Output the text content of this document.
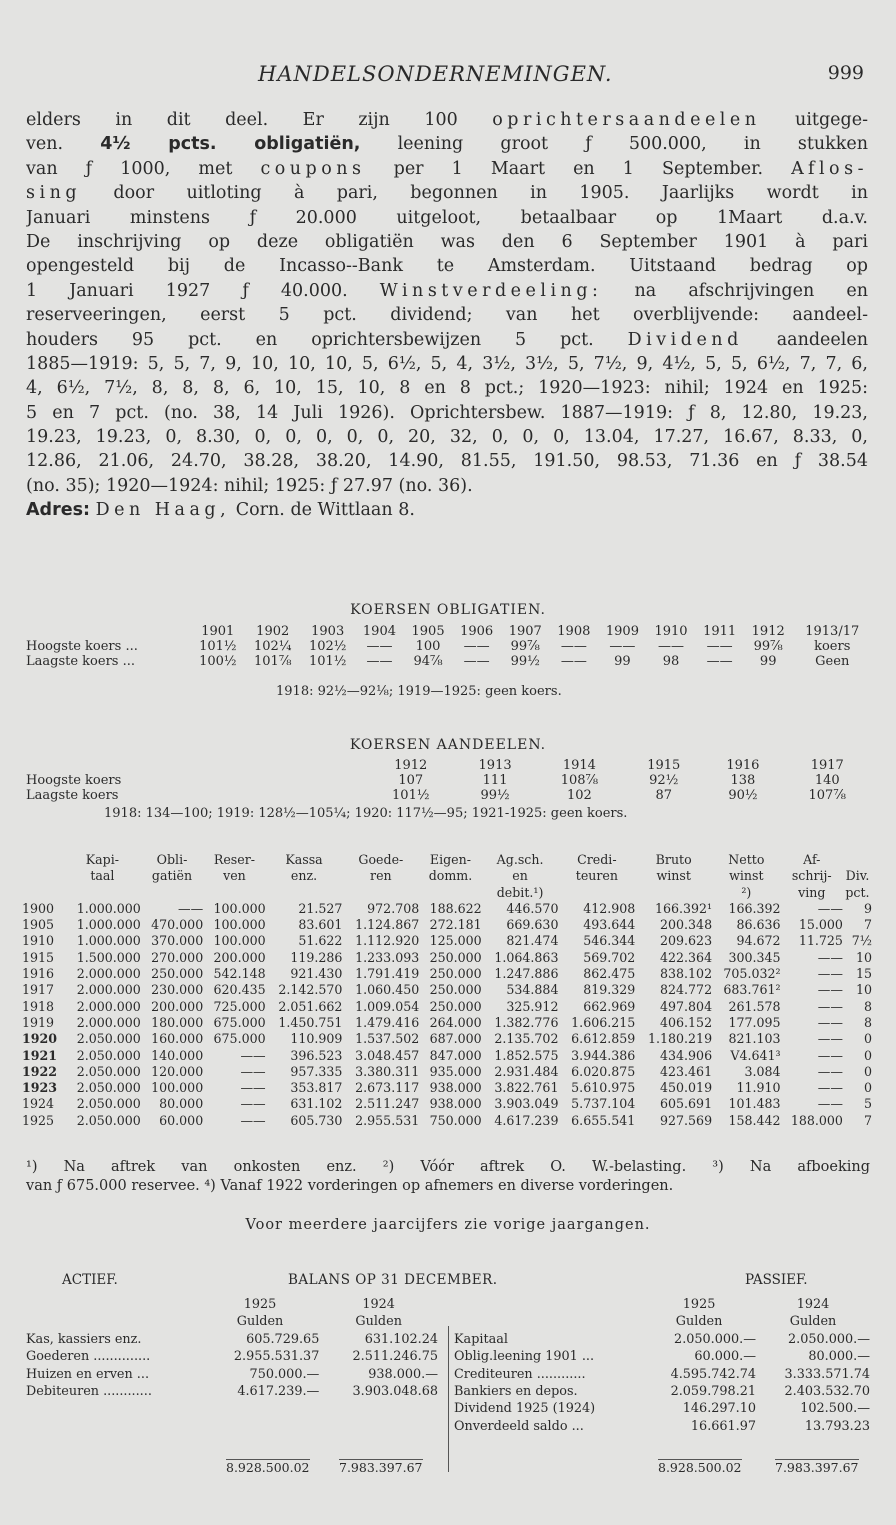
HANDELSONDERNEMINGEN.	999
elders in dit deel. Er zijn 100 oprichtersaandeelen uitgege-
ven. 4½ pcts. obligatiën, leening groot ƒ 500.000, in stukken
van ƒ 1000, met coupons per 1 Maart en 1 September. Aflos-
sing door uitloting à pari, begonnen in 1905. Jaarlijks wordt in
Januari minstens ƒ 20.000 uitgeloot, betaalbaar op 1Maart d.a.v.
De inschrijving op deze obligatiën was den 6 September 1901 à pari
opengesteld bij de Incasso--Bank te Amsterdam. Uitstaand bedrag op
1 Januari 1927 ƒ 40.000. Winstverdeeling: na afschrijvingen en
reserveeringen, eerst 5 pct. dividend; van het overblijvende: aandeel-
houders 95 pct. en oprichtersbewijzen 5 pct. Dividend aandeelen
1885—1919: 5, 5, 7, 9, 10, 10, 10, 5, 6½, 5, 4, 3½, 3½, 5, 7½, 9, 4½, 5, 5, 6½, 7, 7, 6,
4, 6½, 7½, 8, 8, 8, 6, 10, 15, 10, 8 en 8 pct.; 1920—1923: nihil; 1924 en 1925:
5 en 7 pct. (no. 38, 14 Juli 1926). Oprichtersbew. 1887—1919: ƒ 8, 12.80, 19.23,
19.23, 19.23, 0, 8.30, 0, 0, 0, 0, 0, 20, 32, 0, 0, 0, 13.04, 17.27, 16.67, 8.33, 0,
12.86, 21.06, 24.70, 38.28, 38.20, 14.90, 81.55, 191.50, 98.53, 71.36 en ƒ 38.54
(no. 35); 1920—1924: nihil; 1925: ƒ 27.97 (no. 36).
Adres: Den Haag, Corn. de Wittlaan 8.
KOERSEN OBLIGATIEN.
	1901	1902	1903	1904	1905	1906	1907	1908	1909	1910	1911	1912	1913/17
Hoogste koers ...	101½	102¼	102½	——	100	——	99⅞	——	——	——	——	99⅞	koers
Laagste koers ...	100½	101⅞	101½	——	94⅞	——	99½	——	99	98	——	99	Geen
1918: 92½—92⅛; 1919—1925: geen koers.
KOERSEN AANDEELEN.
	1912	1913	1914	1915	1916	1917
Hoogste koers	107	111	108⅞	92½	138	140
Laagste koers	101½	99½	102	87	90½	107⅞
1918: 134—100; 1919: 128½—105¼; 1920: 117½—95; 1921-1925: geen koers.
	Kapi-	Obli-	Reser-	Kassa	Goede-	Eigen-	Ag.sch.	Credi-	Bruto	Netto	Af-	
	taal	gatiën	ven	enz.	ren	domm.	en	teuren	winst	winst	schrij-	Div.
							debit.¹)			²)	ving	pct.
1900	1.000.000	——	100.000	21.527	972.708	188.622	446.570	412.908	166.392¹	166.392	——	9
1905	1.000.000	470.000	100.000	83.601	1.124.867	272.181	669.630	493.644	200.348	86.636	15.000	7
1910	1.000.000	370.000	100.000	51.622	1.112.920	125.000	821.474	546.344	209.623	94.672	11.725	7½
1915	1.500.000	270.000	200.000	119.286	1.233.093	250.000	1.064.863	569.702	422.364	300.345	——	10
1916	2.000.000	250.000	542.148	921.430	1.791.419	250.000	1.247.886	862.475	838.102	705.032²	——	15
1917	2.000.000	230.000	620.435	2.142.570	1.060.450	250.000	534.884	819.329	824.772	683.761²	——	10
1918	2.000.000	200.000	725.000	2.051.662	1.009.054	250.000	325.912	662.969	497.804	261.578	——	8
1919	2.000.000	180.000	675.000	1.450.751	1.479.416	264.000	1.382.776	1.606.215	406.152	177.095	——	8
1920	2.050.000	160.000	675.000	110.909	1.537.502	687.000	2.135.702	6.612.859	1.180.219	821.103	——	0
1921	2.050.000	140.000	——	396.523	3.048.457	847.000	1.852.575	3.944.386	434.906	V4.641³	——	0
1922	2.050.000	120.000	——	957.335	3.380.311	935.000	2.931.484	6.020.875	423.461	3.084	——	0
1923	2.050.000	100.000	——	353.817	2.673.117	938.000	3.822.761	5.610.975	450.019	11.910	——	0
1924	2.050.000	80.000	——	631.102	2.511.247	938.000	3.903.049	5.737.104	605.691	101.483	——	5
1925	2.050.000	60.000	——	605.730	2.955.531	750.000	4.617.239	6.655.541	927.569	158.442	188.000	7
¹) Na aftrek van onkosten enz. ²) Vóór aftrek O. W.-belasting. ³) Na afboeking
van ƒ 675.000 reservee. ⁴) Vanaf 1922 vorderingen op afnemers en diverse vorderingen.
Voor meerdere jaarcijfers zie vorige jaargangen.
ACTIEF.	BALANS OP 31 DECEMBER.	PASSIEF.
	1925	1924
	Gulden	Gulden
Kas, kassiers enz.	605.729.65	631.102.24
Goederen ..............	2.955.531.37	2.511.246.75
Huizen en erven ...	750.000.—	938.000.—
Debiteuren ............	4.617.239.—	3.903.048.68
	1925	1924
	Gulden	Gulden
Kapitaal	2.050.000.—	2.050.000.—
Oblig.leening 1901 ...	60.000.—	80.000.—
Crediteuren ............	4.595.742.74	3.333.571.74
Bankiers en depos.	2.059.798.21	2.403.532.70
Dividend 1925 (1924)	146.297.10	102.500.—
Onverdeeld saldo ...	16.661.97	13.793.23
8.928.500.02 7.983.397.67	8.928.500.02	7.983.397.67
